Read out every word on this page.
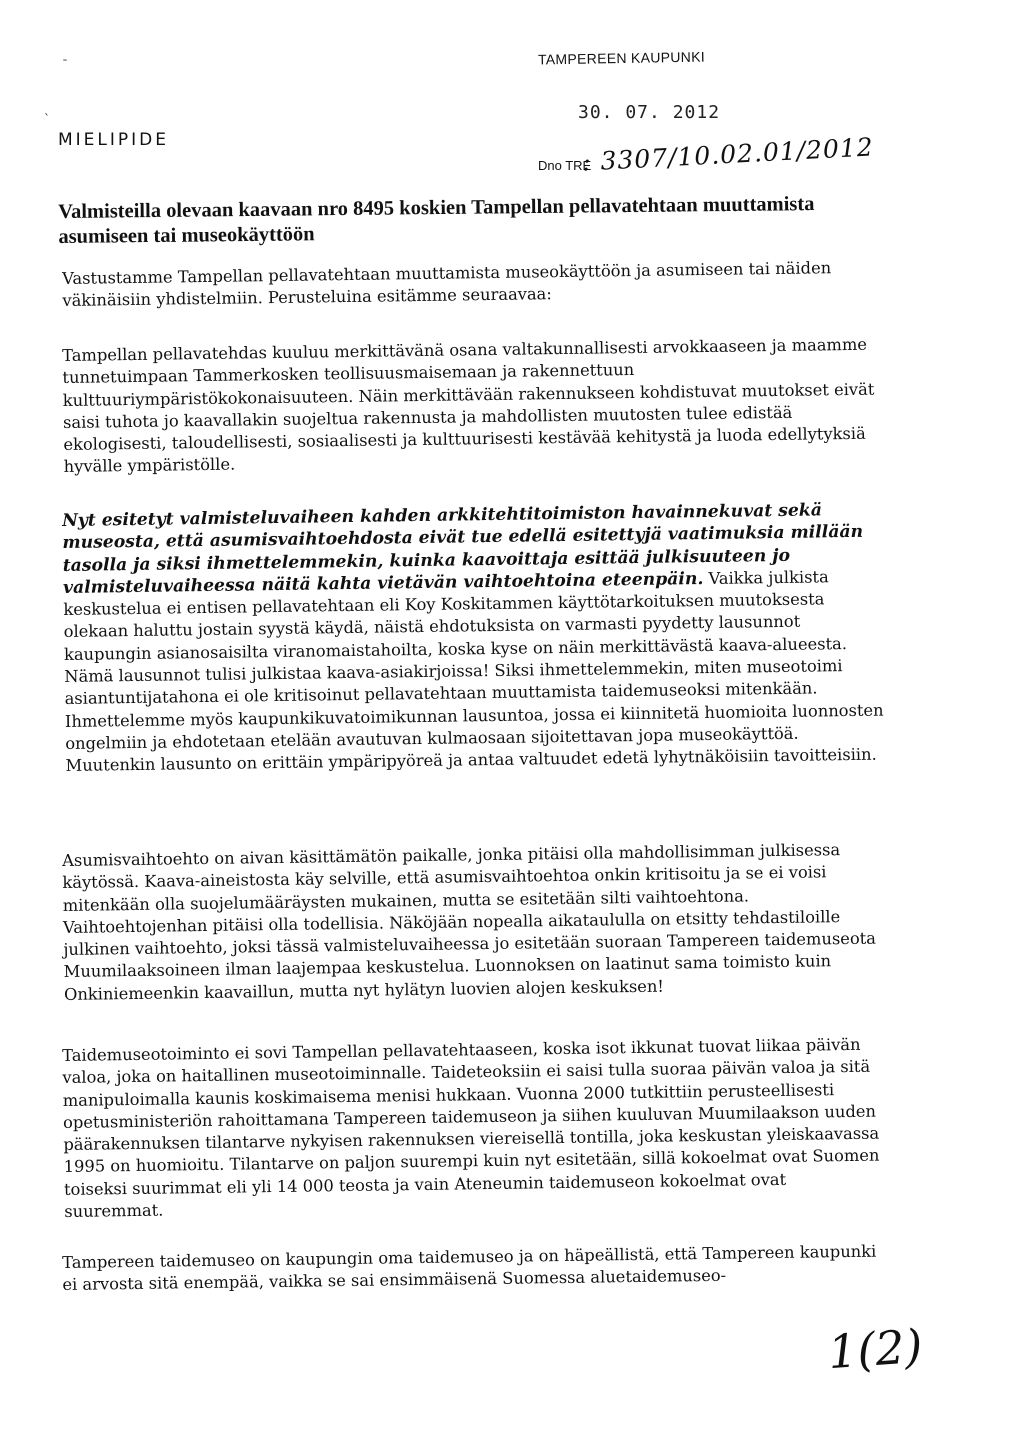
ˉ
`
TAMPEREEN KAUPUNKI
30. 07. 2012
Dno TRE
: 3307/10.02.01/2012
MIELIPIDE
Valmisteilla olevaan kaavaan nro 8495 koskien Tampellan pellavatehtaan muuttamista asumiseen tai museokäyttöön
Vastustamme Tampellan pellavatehtaan muuttamista museokäyttöön ja asumiseen tai näiden väkinäisiin yhdistelmiin. Perusteluina esitämme seuraavaa:
Tampellan pellavatehdas kuuluu merkittävänä osana valtakunnallisesti arvokkaaseen ja maamme tunnetuimpaan Tammerkosken teollisuusmaisemaan ja rakennettuun kulttuuriympäristökokonaisuuteen. Näin merkittävään rakennukseen kohdistuvat muutokset eivät saisi tuhota jo kaavallakin suojeltua rakennusta ja mahdollisten muutosten tulee edistää ekologisesti, taloudellisesti, sosiaalisesti ja kulttuurisesti kestävää kehitystä ja luoda edellytyksiä hyvälle ympäristölle.
Nyt esitetyt valmisteluvaiheen kahden arkkitehtitoimiston havainnekuvat sekä museosta, että asumisvaihtoehdosta eivät tue edellä esitettyjä vaatimuksia millään tasolla ja siksi ihmettelemmekin, kuinka kaavoittaja esittää julkisuuteen jo valmisteluvaiheessa näitä kahta vietävän vaihtoehtoina eteenpäin. Vaikka julkista keskustelua ei entisen pellavatehtaan eli Koy Koskitammen käyttötarkoituksen muutoksesta olekaan haluttu jostain syystä käydä, näistä ehdotuksista on varmasti pyydetty lausunnot kaupungin asianosaisilta viranomaistahoilta, koska kyse on näin merkittävästä kaava-alueesta. Nämä lausunnot tulisi julkistaa kaava-asiakirjoissa! Siksi ihmettelemmekin, miten museotoimi asiantuntijatahona ei ole kritisoinut pellavatehtaan muuttamista taidemuseoksi mitenkään. Ihmettelemme myös kaupunkikuvatoimikunnan lausuntoa, jossa ei kiinnitetä huomioita luonnosten ongelmiin ja ehdotetaan etelään avautuvan kulmaosaan sijoitettavan jopa museokäyttöä. Muutenkin lausunto on erittäin ympäripyöreä ja antaa valtuudet edetä lyhytnäköisiin tavoitteisiin.
Asumisvaihtoehto on aivan käsittämätön paikalle, jonka pitäisi olla mahdollisimman julkisessa käytössä. Kaava-aineistosta käy selville, että asumisvaihtoehtoa onkin kritisoitu ja se ei voisi mitenkään olla suojelumääräysten mukainen, mutta se esitetään silti vaihtoehtona. Vaihtoehtojenhan pitäisi olla todellisia. Näköjään nopealla aikataululla on etsitty tehdastiloille julkinen vaihtoehto, joksi tässä valmisteluvaiheessa jo esitetään suoraan Tampereen taidemuseota Muumilaaksoineen ilman laajempaa keskustelua. Luonnoksen on laatinut sama toimisto kuin Onkiniemeenkin kaavaillun, mutta nyt hylätyn luovien alojen keskuksen!
Taidemuseotoiminto ei sovi Tampellan pellavatehtaaseen, koska isot ikkunat tuovat liikaa päivän valoa, joka on haitallinen museotoiminnalle. Taideteoksiin ei saisi tulla suoraa päivän valoa ja sitä manipuloimalla kaunis koskimaisema menisi hukkaan. Vuonna 2000 tutkittiin perusteellisesti opetusministeriön rahoittamana Tampereen taidemuseon ja siihen kuuluvan Muumilaakson uuden päärakennuksen tilantarve nykyisen rakennuksen viereisellä tontilla, joka keskustan yleiskaavassa 1995 on huomioitu. Tilantarve on paljon suurempi kuin nyt esitetään, sillä kokoelmat ovat Suomen toiseksi suurimmat eli yli 14 000 teosta ja vain Ateneumin taidemuseon kokoelmat ovat suuremmat.
Tampereen taidemuseo on kaupungin oma taidemuseo ja on häpeällistä, että Tampereen kaupunki ei arvosta sitä enempää, vaikka se sai ensimmäisenä Suomessa aluetaidemuseo-
1(2)
